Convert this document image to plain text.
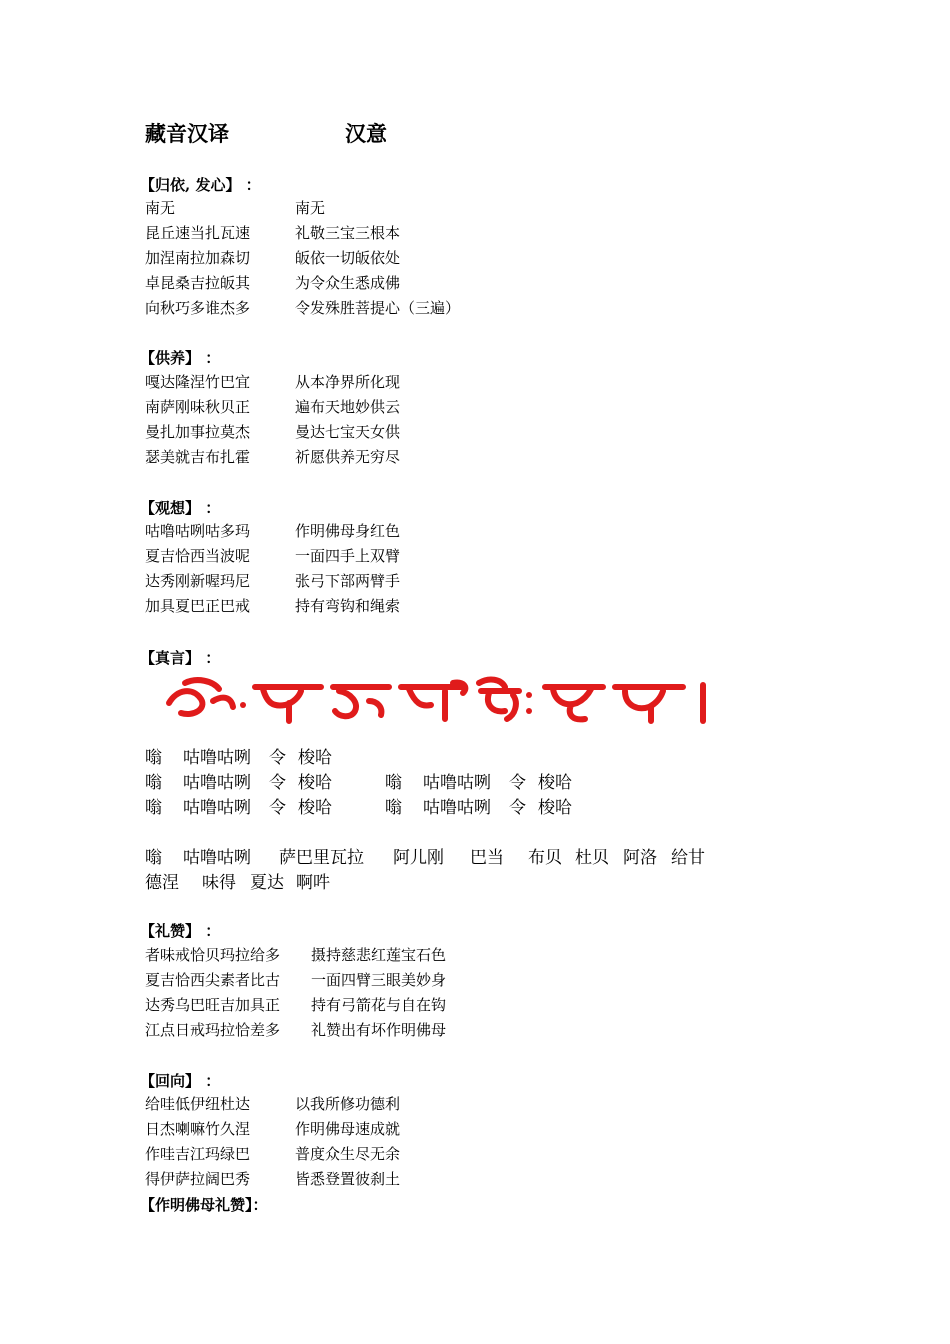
藏音汉译	汉意
【归依, 发心】 ：
南无	南无
昆丘速当扎瓦速	礼敬三宝三根本
加涅南拉加森切	皈依一切皈依处
卓昆桑吉拉皈其	为令众生悉成佛
向秋巧多谁杰多	令发殊胜菩提心（三遍）
【供养】 ：
嘎达隆涅竹巴宜	从本净界所化现
南萨刚味秋贝正	遍布天地妙供云
曼扎加事拉莫杰	曼达七宝天女供
瑟美就吉布扎霍	祈愿供养无穷尽
【观想】 ：
咕噜咕咧咕多玛	作明佛母身红色
夏吉恰西当波呢	一面四手上双臂
达秀刚新喔玛尼	张弓下部两臂手
加具夏巴正巴戒	持有弯钩和绳索
【真言】 ：
嗡 咕噜咕咧 令 梭哈
嗡 咕噜咕咧 令 梭哈	嗡 咕噜咕咧 令 梭哈
嗡 咕噜咕咧 令 梭哈	嗡 咕噜咕咧 令 梭哈
嗡 咕噜咕咧 萨巴里瓦拉 阿儿刚 巴当 布贝 杜贝 阿洛 给甘
德涅 味得 夏达 啊吽
【礼赞】 ：
者味戒恰贝玛拉给多 摄持慈悲红莲宝石色
夏吉恰西尖素者比古 一面四臂三眼美妙身
达秀乌巴旺吉加具正 持有弓箭花与自在钩
江点日戒玛拉恰差多 礼赞出有坏作明佛母
【回向】 ：
给哇低伊纽杜达	以我所修功德利
日杰喇嘛竹久涅	作明佛母速成就
作哇吉江玛绿巴	普度众生尽无余
得伊萨拉阔巴秀	皆悉登置彼刹土
【作明佛母礼赞】：
